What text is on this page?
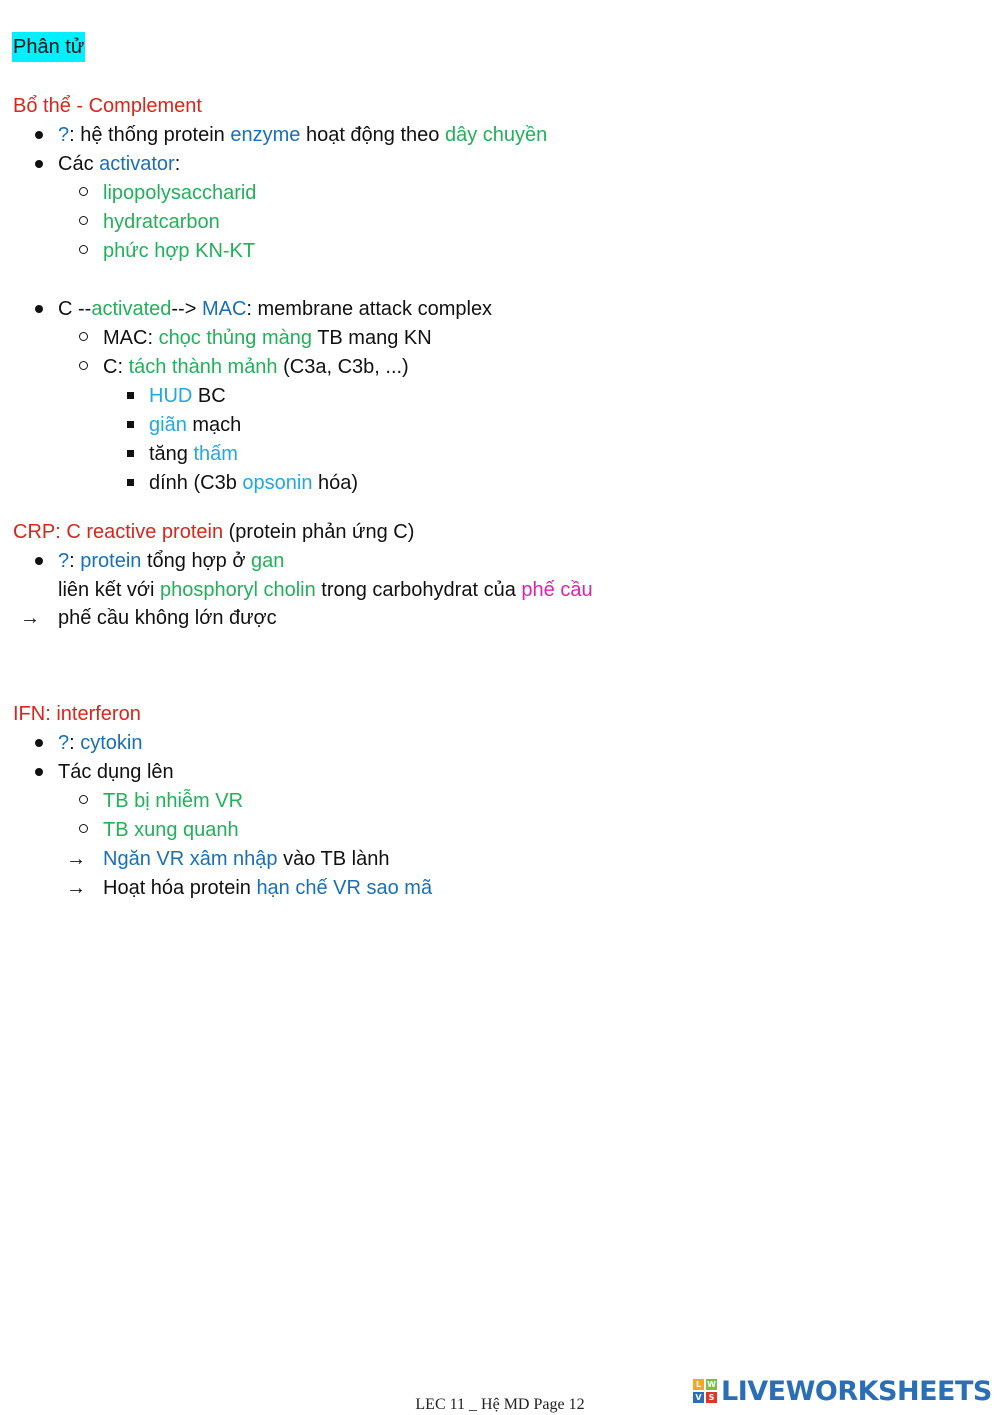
Phân tử
Bổ thể - Complement
?: hệ thống protein enzyme hoạt động theo dây chuyền
Các activator:
lipopolysaccharid
hydratcarbon
phức hợp KN-KT
C --activated--> MAC: membrane attack complex
MAC: chọc thủng màng TB mang KN
C: tách thành mảnh (C3a, C3b, ...)
HUD BC
giãn mạch
tăng thấm
dính (C3b opsonin hóa)
CRP: C reactive protein (protein phản ứng C)
?: protein tổng hợp ở gan
liên kết với phosphoryl cholin trong carbohydrat của phế cầu
→ phế cầu không lớn được
IFN: interferon
?: cytokin
Tác dụng lên
TB bị nhiễm VR
TB xung quanh
→ Ngăn VR xâm nhập vào TB lành
→ Hoạt hóa protein hạn chế VR sao mã
LEC 11 _ Hệ MD Page 12
L W
V S LIVEWORKSHEETS
